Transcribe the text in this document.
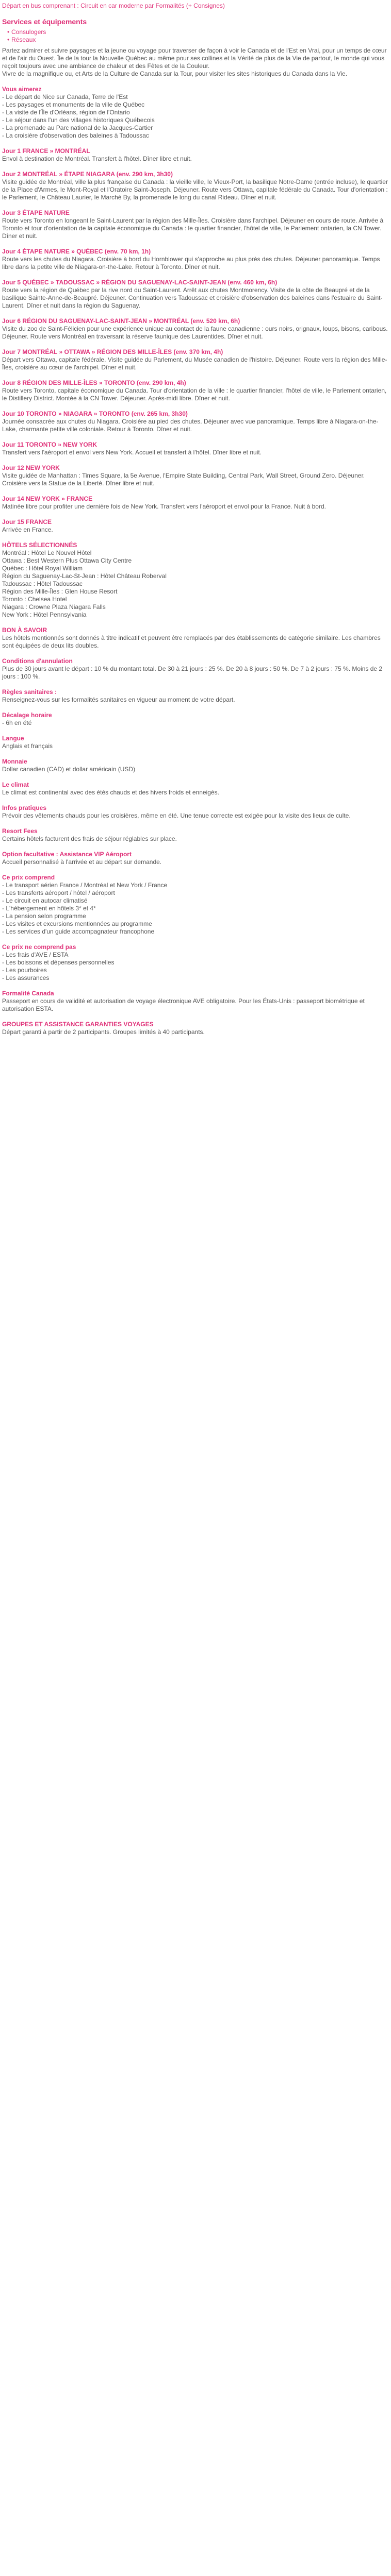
Départ en bus comprenant : Circuit en car moderne par Formalités (+ Consignes)

Services et équipements
• Consulogers
• Réseaux

Partez admirer et suivre paysages et la jeune ou voyage pour traverser de façon à voir le Canada et de l'Est en Vrai, pour un temps de cœur et de l'air du Ouest. Île de la tour la Nouvelle Québec au même pour ses collines et la Vérité de plus de la Vie de partout, le monde qui vous reçoit toujours avec une ambiance de chaleur et des Fêtes et de la Couleur.

Vivre de la magnifique ou, et Arts de la Culture de Canada sur la Tour, pour visiter les sites historiques du Canada dans la Vie.

Vous aimerez

- Le départ de Nice sur Canada, Terre de l'Est

- Les paysages et monuments de la ville de Québec

- La visite de l'Île d'Orléans, région de l'Ontario

- Le séjour dans l'un des villages historiques Québecois

- La promenade au Parc national de la Jacques-Cartier

- La croisière d'observation des baleines à Tadoussac

Jour 1 FRANCE » MONTRÉAL

Envol à destination de Montréal. Transfert à l'hôtel. Dîner libre et nuit.

Jour 2 MONTRÉAL » ÉTAPE NIAGARA (env. 290 km, 3h30)

Visite guidée de Montréal, ville la plus française du Canada : la vieille ville, le Vieux-Port, la basilique Notre-Dame (entrée incluse), le quartier de la Place d'Armes, le Mont-Royal et l'Oratoire Saint-Joseph. Déjeuner. Route vers Ottawa, capitale fédérale du Canada. Tour d'orientation : le Parlement, le Château Laurier, le Marché By, la promenade le long du canal Rideau. Dîner et nuit.

Jour 3 ÉTAPE NATURE

Route vers Toronto en longeant le Saint-Laurent par la région des Mille-Îles. Croisière dans l'archipel. Déjeuner en cours de route. Arrivée à Toronto et tour d'orientation de la capitale économique du Canada : le quartier financier, l'hôtel de ville, le Parlement ontarien, la CN Tower. Dîner et nuit.

Jour 4 ÉTAPE NATURE » QUÉBEC (env. 70 km, 1h)

Route vers les chutes du Niagara. Croisière à bord du Hornblower qui s'approche au plus près des chutes. Déjeuner panoramique. Temps libre dans la petite ville de Niagara-on-the-Lake. Retour à Toronto. Dîner et nuit.

Jour 5 QUÉBEC » TADOUSSAC » RÉGION DU SAGUENAY-LAC-SAINT-JEAN (env. 460 km, 6h)

Route vers la région de Québec par la rive nord du Saint-Laurent. Arrêt aux chutes Montmorency. Visite de la côte de Beaupré et de la basilique Sainte-Anne-de-Beaupré. Déjeuner. Continuation vers Tadoussac et croisière d'observation des baleines dans l'estuaire du Saint-Laurent. Dîner et nuit dans la région du Saguenay.

Jour 6 RÉGION DU SAGUENAY-LAC-SAINT-JEAN » MONTRÉAL (env. 520 km, 6h)

Visite du zoo de Saint-Félicien pour une expérience unique au contact de la faune canadienne : ours noirs, orignaux, loups, bisons, caribous. Déjeuner. Route vers Montréal en traversant la réserve faunique des Laurentides. Dîner et nuit.

Jour 7 MONTRÉAL » OTTAWA » RÉGION DES MILLE-ÎLES (env. 370 km, 4h)

Départ vers Ottawa, capitale fédérale. Visite guidée du Parlement, du Musée canadien de l'histoire. Déjeuner. Route vers la région des Mille-Îles, croisière au cœur de l'archipel. Dîner et nuit.

Jour 8 RÉGION DES MILLE-ÎLES » TORONTO (env. 290 km, 4h)

Route vers Toronto, capitale économique du Canada. Tour d'orientation de la ville : le quartier financier, l'hôtel de ville, le Parlement ontarien, le Distillery District. Montée à la CN Tower. Déjeuner. Après-midi libre. Dîner et nuit.

Jour 10 TORONTO » NIAGARA » TORONTO (env. 265 km, 3h30)

Journée consacrée aux chutes du Niagara. Croisière au pied des chutes. Déjeuner avec vue panoramique. Temps libre à Niagara-on-the-Lake, charmante petite ville coloniale. Retour à Toronto. Dîner et nuit.

Jour 11 TORONTO » NEW YORK

Transfert vers l'aéroport et envol vers New York. Accueil et transfert à l'hôtel. Dîner libre et nuit.

Jour 12 NEW YORK

Visite guidée de Manhattan : Times Square, la 5e Avenue, l'Empire State Building, Central Park, Wall Street, Ground Zero. Déjeuner. Croisière vers la Statue de la Liberté. Dîner libre et nuit.

Jour 14 NEW YORK » FRANCE

Matinée libre pour profiter une dernière fois de New York. Transfert vers l'aéroport et envol pour la France. Nuit à bord.

Jour 15 FRANCE

Arrivée en France.

HÔTELS SÉLECTIONNÉS

Montréal : Hôtel Le Nouvel Hôtel

Ottawa : Best Western Plus Ottawa City Centre

Québec : Hôtel Royal William

Région du Saguenay-Lac-St-Jean : Hôtel Château Roberval

Tadoussac : Hôtel Tadoussac

Région des Mille-Îles : Glen House Resort

Toronto : Chelsea Hotel

Niagara : Crowne Plaza Niagara Falls

New York : Hôtel Pennsylvania

BON À SAVOIR

Les hôtels mentionnés sont donnés à titre indicatif et peuvent être remplacés par des établissements de catégorie similaire. Les chambres sont équipées de deux lits doubles.

Conditions d'annulation

Plus de 30 jours avant le départ : 10 % du montant total. De 30 à 21 jours : 25 %. De 20 à 8 jours : 50 %. De 7 à 2 jours : 75 %. Moins de 2 jours : 100 %.

Règles sanitaires :

Renseignez-vous sur les formalités sanitaires en vigueur au moment de votre départ.

Décalage horaire

- 6h en été

Langue

Anglais et français

Monnaie

Dollar canadien (CAD) et dollar américain (USD)

Le climat

Le climat est continental avec des étés chauds et des hivers froids et enneigés.

Infos pratiques

Prévoir des vêtements chauds pour les croisières, même en été. Une tenue correcte est exigée pour la visite des lieux de culte.

Resort Fees

Certains hôtels facturent des frais de séjour réglables sur place.

Option facultative : Assistance VIP Aéroport

Accueil personnalisé à l'arrivée et au départ sur demande.

Ce prix comprend

- Le transport aérien France / Montréal et New York / France

- Les transferts aéroport / hôtel / aéroport

- Le circuit en autocar climatisé

- L'hébergement en hôtels 3* et 4*

- La pension selon programme

- Les visites et excursions mentionnées au programme

- Les services d'un guide accompagnateur francophone

Ce prix ne comprend pas

- Les frais d'AVE / ESTA

- Les boissons et dépenses personnelles

- Les pourboires

- Les assurances

Formalité Canada

Passeport en cours de validité et autorisation de voyage électronique AVE obligatoire. Pour les États-Unis : passeport biométrique et autorisation ESTA.

GROUPES ET ASSISTANCE GARANTIES VOYAGES

Départ garanti à partir de 2 participants. Groupes limités à 40 participants.
